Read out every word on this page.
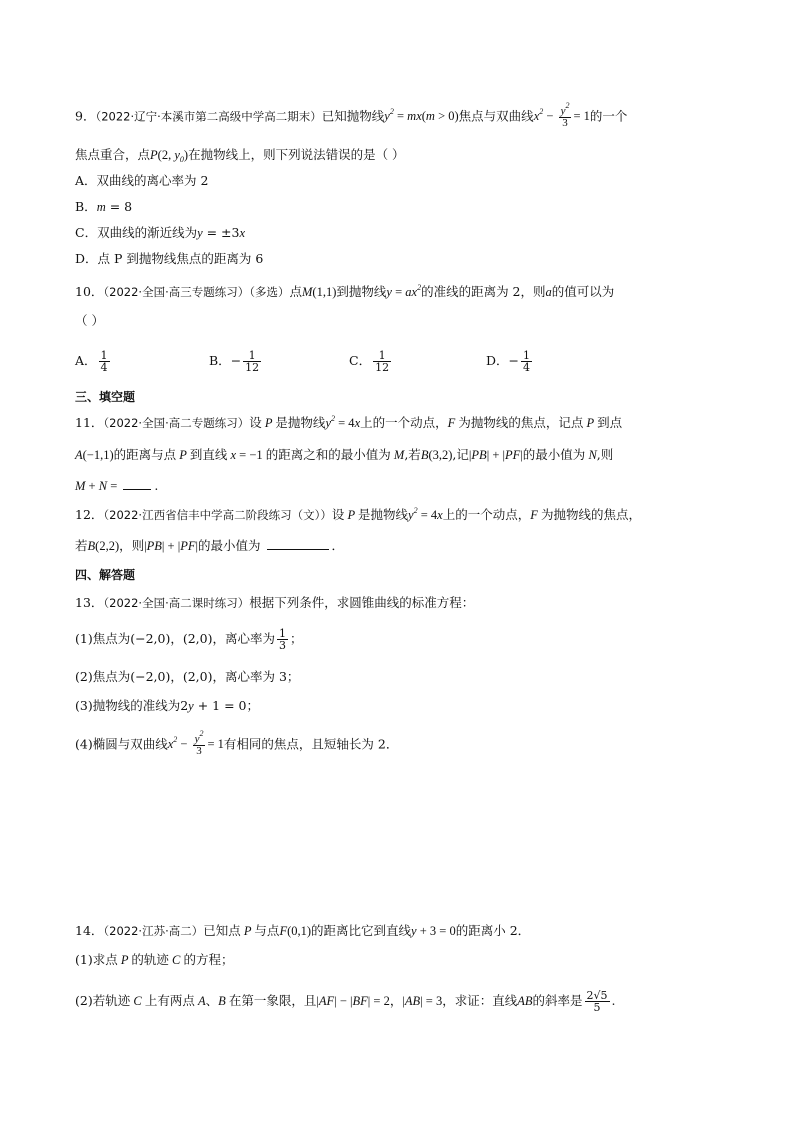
9．（2022·辽宁·本溪市第二高级中学高二期末）已知抛物线$y^2 = mx(m > 0)$焦点与双曲线$x^2 - \frac{y^2}{3} = 1$的一个
焦点重合，点P(2, $y_0$)在抛物线上，则下列说法错误的是（ ）
A．双曲线的离心率为 2
B．m = 8
C．双曲线的渐近线为y = ±3x
D．点 P 到抛物线焦点的距离为 6
10．（2022·全国·高三专题练习）（多选）点M(1,1)到抛物线$y = ax^2$的准线的距离为 2，则a的值可以为
（ ）
A． $\frac{1}{4}$	B．− $\frac{1}{12}$	C． $\frac{1}{12}$	D．− $\frac{1}{4}$
三、填空题
11．（2022·全国·高二专题练习）设 P 是抛物线$y^2 = 4x$上的一个动点，F 为抛物线的焦点，记点 P 到点
A(−1,1)的距离与点 P 到直线 x = −1 的距离之和的最小值为 M,若B(3,2),记|PB| + |PF|的最小值为 N,则
M + N =	.
12．（2022·江西省信丰中学高二阶段练习（文））设 P 是抛物线$y^2 = 4x$上的一个动点，F 为抛物线的焦点，
若B(2,2)，则|PB| + |PF|的最小值为	．
四、解答题
13．（2022·全国·高二课时练习）根据下列条件，求圆锥曲线的标准方程：
(1)焦点为(−2,0)，(2,0)，离心率为 $\frac{1}{3}$ ；
(2)焦点为(−2,0)，(2,0)，离心率为 3；
(3)抛物线的准线为2y + 1 = 0；
(4)椭圆与双曲线$x^2 - \frac{y^2}{3} = 1$有相同的焦点，且短轴长为 2．
14．（2022·江苏·高二）已知点 P 与点F(0,1)的距离比它到直线y + 3 = 0的距离小 2．
(1)求点 P 的轨迹 C 的方程；
(2)若轨迹 C 上有两点 A、B 在第一象限，且|AF| − |BF| = 2，|AB| = 3，求证：直线AB的斜率是 $\frac{2√5}{5}$ .
